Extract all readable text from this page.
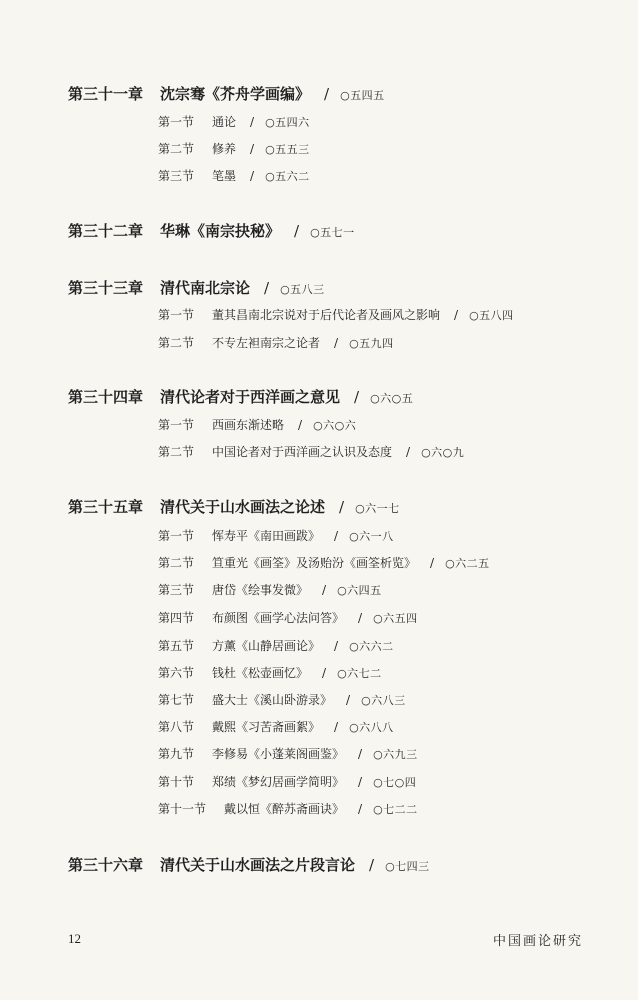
第三十一章 沈宗骞《芥舟学画编》 / ○五四五
第一节 通论 / ○五四六
第二节 修养 / ○五五三
第三节 笔墨 / ○五六二
第三十二章 华琳《南宗抉秘》 / ○五七一
第三十三章 清代南北宗论 / ○五八三
第一节 董其昌南北宗说对于后代论者及画风之影响 / ○五八四
第二节 不专左袒南宗之论者 / ○五九四
第三十四章 清代论者对于西洋画之意见 / ○六○五
第一节 西画东渐述略 / ○六○六
第二节 中国论者对于西洋画之认识及态度 / ○六○九
第三十五章 清代关于山水画法之论述 / ○六一七
第一节 恽寿平《南田画跋》 / ○六一八
第二节 笪重光《画筌》及汤贻汾《画筌析览》 / ○六二五
第三节 唐岱《绘事发微》 / ○六四五
第四节 布颜图《画学心法问答》 / ○六五四
第五节 方薰《山静居画论》 / ○六六二
第六节 钱杜《松壶画忆》 / ○六七二
第七节 盛大士《溪山卧游录》 / ○六八三
第八节 戴熙《习苦斋画絮》 / ○六八八
第九节 李修易《小蓬莱阁画鉴》 / ○六九三
第十节 郑绩《梦幻居画学简明》 / ○七○四
第十一节 戴以恒《醉苏斋画诀》 / ○七二二
第三十六章 清代关于山水画法之片段言论 / ○七四三
12	中国画论研究
